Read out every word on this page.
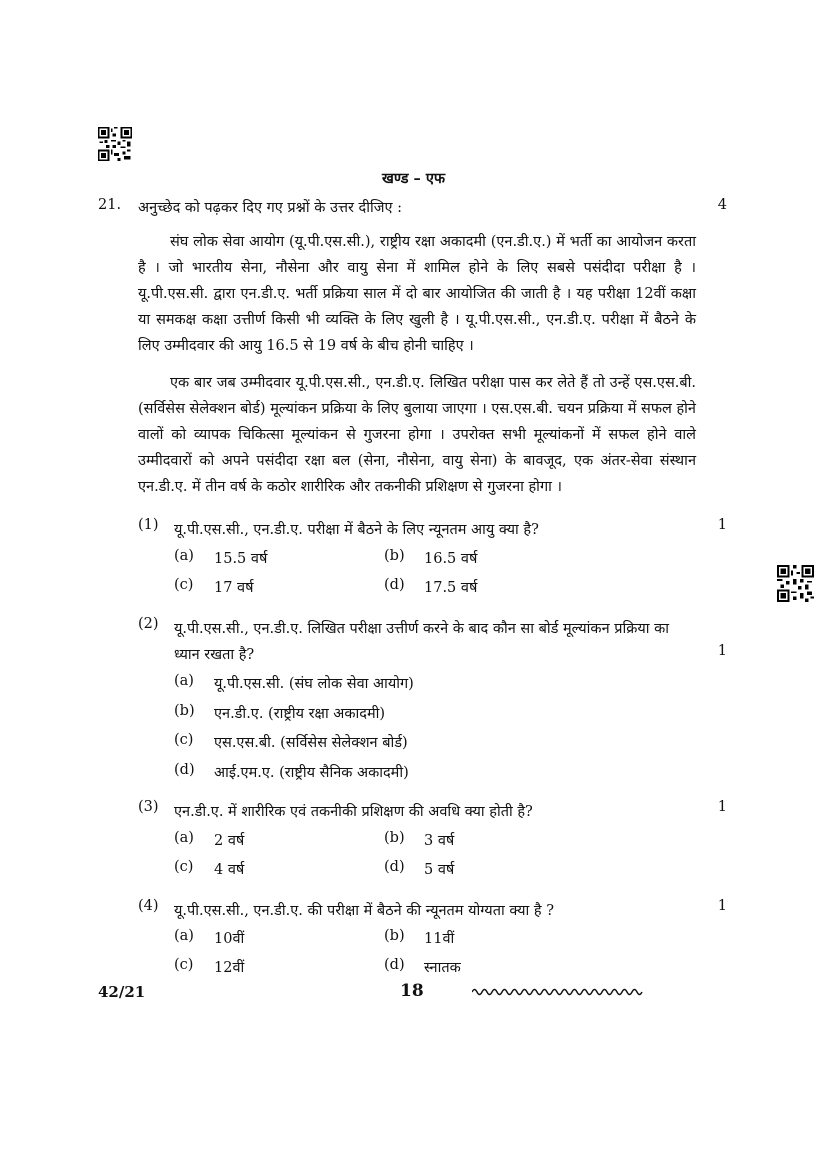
खण्ड – एफ
21. अनुच्छेद को पढ़कर दिए गए प्रश्नों के उत्तर दीजिए :	4
संघ लोक सेवा आयोग (यू.पी.एस.सी.), राष्ट्रीय रक्षा अकादमी (एन.डी.ए.) में भर्ती का आयोजन करता है । जो भारतीय सेना, नौसेना और वायु सेना में शामिल होने के लिए सबसे पसंदीदा परीक्षा है । यू.पी.एस.सी. द्वारा एन.डी.ए. भर्ती प्रक्रिया साल में दो बार आयोजित की जाती है । यह परीक्षा 12वीं कक्षा या समकक्ष कक्षा उत्तीर्ण किसी भी व्यक्ति के लिए खुली है । यू.पी.एस.सी., एन.डी.ए. परीक्षा में बैठने के लिए उम्मीदवार की आयु 16.5 से 19 वर्ष के बीच होनी चाहिए ।
एक बार जब उम्मीदवार यू.पी.एस.सी., एन.डी.ए. लिखित परीक्षा पास कर लेते हैं तो उन्हें एस.एस.बी. (सर्विसेस सेलेक्शन बोर्ड) मूल्यांकन प्रक्रिया के लिए बुलाया जाएगा । एस.एस.बी. चयन प्रक्रिया में सफल होने वालों को व्यापक चिकित्सा मूल्यांकन से गुजरना होगा । उपरोक्त सभी मूल्यांकनों में सफल होने वाले उम्मीदवारों को अपने पसंदीदा रक्षा बल (सेना, नौसेना, वायु सेना) के बावजूद, एक अंतर-सेवा संस्थान एन.डी.ए. में तीन वर्ष के कठोर शारीरिक और तकनीकी प्रशिक्षण से गुजरना होगा ।
(1) यू.पी.एस.सी., एन.डी.ए. परीक्षा में बैठने के लिए न्यूनतम आयु क्या है?	1
(a) 15.5 वर्ष	(b) 16.5 वर्ष
(c) 17 वर्ष	(d) 17.5 वर्ष
(2) यू.पी.एस.सी., एन.डी.ए. लिखित परीक्षा उत्तीर्ण करने के बाद कौन सा बोर्ड मूल्यांकन प्रक्रिया का ध्यान रखता है?	1
(a) यू.पी.एस.सी. (संघ लोक सेवा आयोग)
(b) एन.डी.ए. (राष्ट्रीय रक्षा अकादमी)
(c) एस.एस.बी. (सर्विसेस सेलेक्शन बोर्ड)
(d) आई.एम.ए. (राष्ट्रीय सैनिक अकादमी)
(3) एन.डी.ए. में शारीरिक एवं तकनीकी प्रशिक्षण की अवधि क्या होती है?	1
(a) 2 वर्ष	(b) 3 वर्ष
(c) 4 वर्ष	(d) 5 वर्ष
(4) यू.पी.एस.सी., एन.डी.ए. की परीक्षा में बैठने की न्यूनतम योग्यता क्या है ?	1
(a) 10वीं	(b) 11वीं
(c) 12वीं	(d) स्नातक
42/21	18
